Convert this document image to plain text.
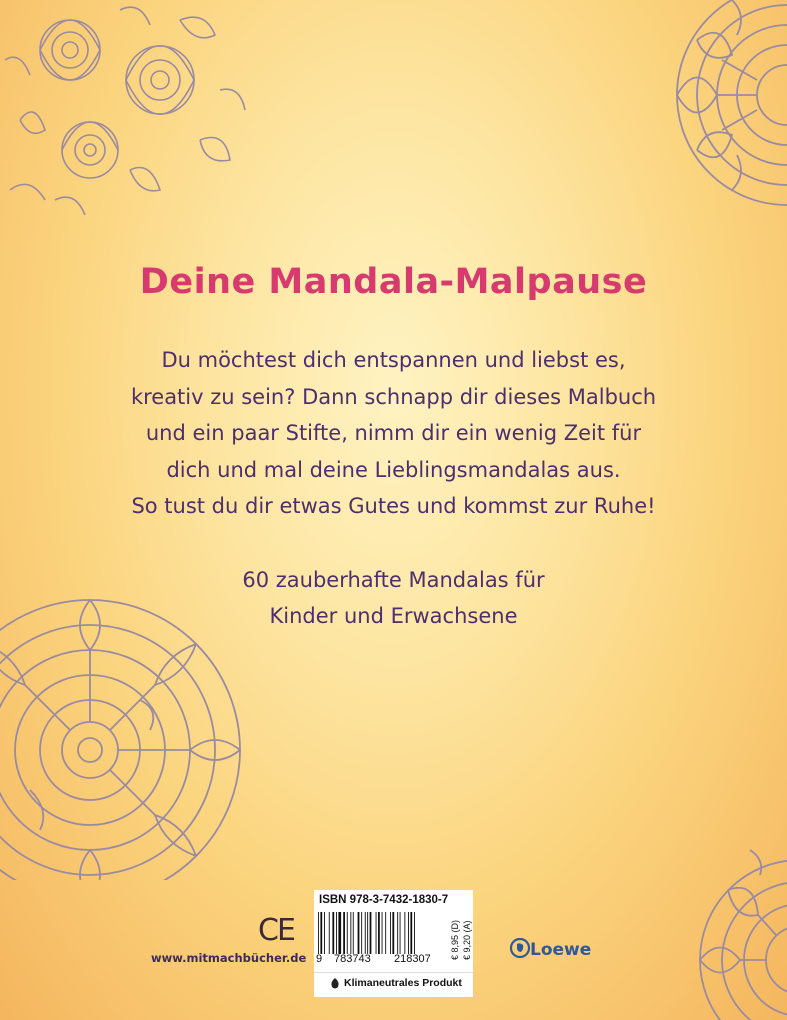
Deine Mandala-Malpause
Du möchtest dich entspannen und liebst es,
kreativ zu sein? Dann schnapp dir dieses Malbuch
und ein paar Stifte, nimm dir ein wenig Zeit für
dich und mal deine Lieblingsmandalas aus.
So tust du dir etwas Gutes und kommst zur Ruhe!
60 zauberhafte Mandalas für
Kinder und Erwachsene
CE
www.mitmachbücher.de
ISBN 978-3-7432-1830-7
9 783743 218307 € 8,95 (D) € 9,20 (A)
Klimaneutrales Produkt
Loewe
